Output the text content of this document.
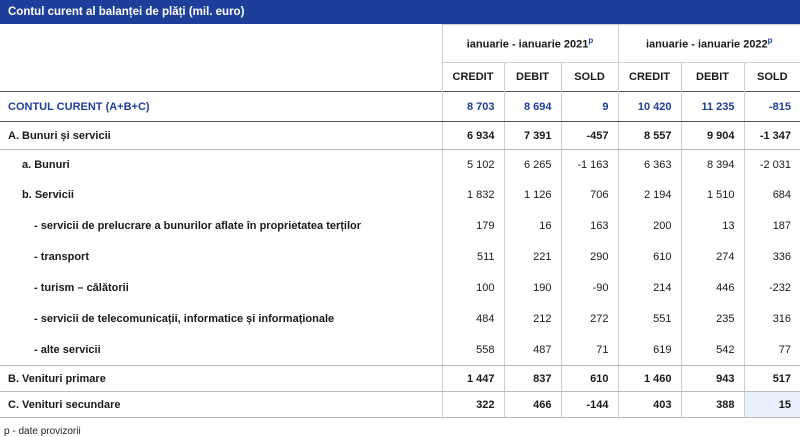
Contul curent al balanței de plăți (mil. euro)
	ianuarie - ianuarie 2021$^p$			ianuarie - ianuarie 2022$^p$
	CREDIT	DEBIT	SOLD	CREDIT	DEBIT	SOLD
CONTUL CURENT (A+B+C)	8 703	8 694	9	10 420	11 235	-815
A. Bunuri și servicii	6 934	7 391	-457	8 557	9 904	-1 347
a. Bunuri	5 102	6 265	-1 163	6 363	8 394	-2 031
b. Servicii	1 832	1 126	706	2 194	1 510	684
- servicii de prelucrare a bunurilor aflate în proprietatea terților	179	16	163	200	13	187
- transport	511	221	290	610	274	336
- turism – călătorii	100	190	-90	214	446	-232
- servicii de telecomunicații, informatice și informaționale	484	212	272	551	235	316
- alte servicii	558	487	71	619	542	77
B. Venituri primare	1 447	837	610	1 460	943	517
C. Venituri secundare	322	466	-144	403	388	15
p - date provizorii
